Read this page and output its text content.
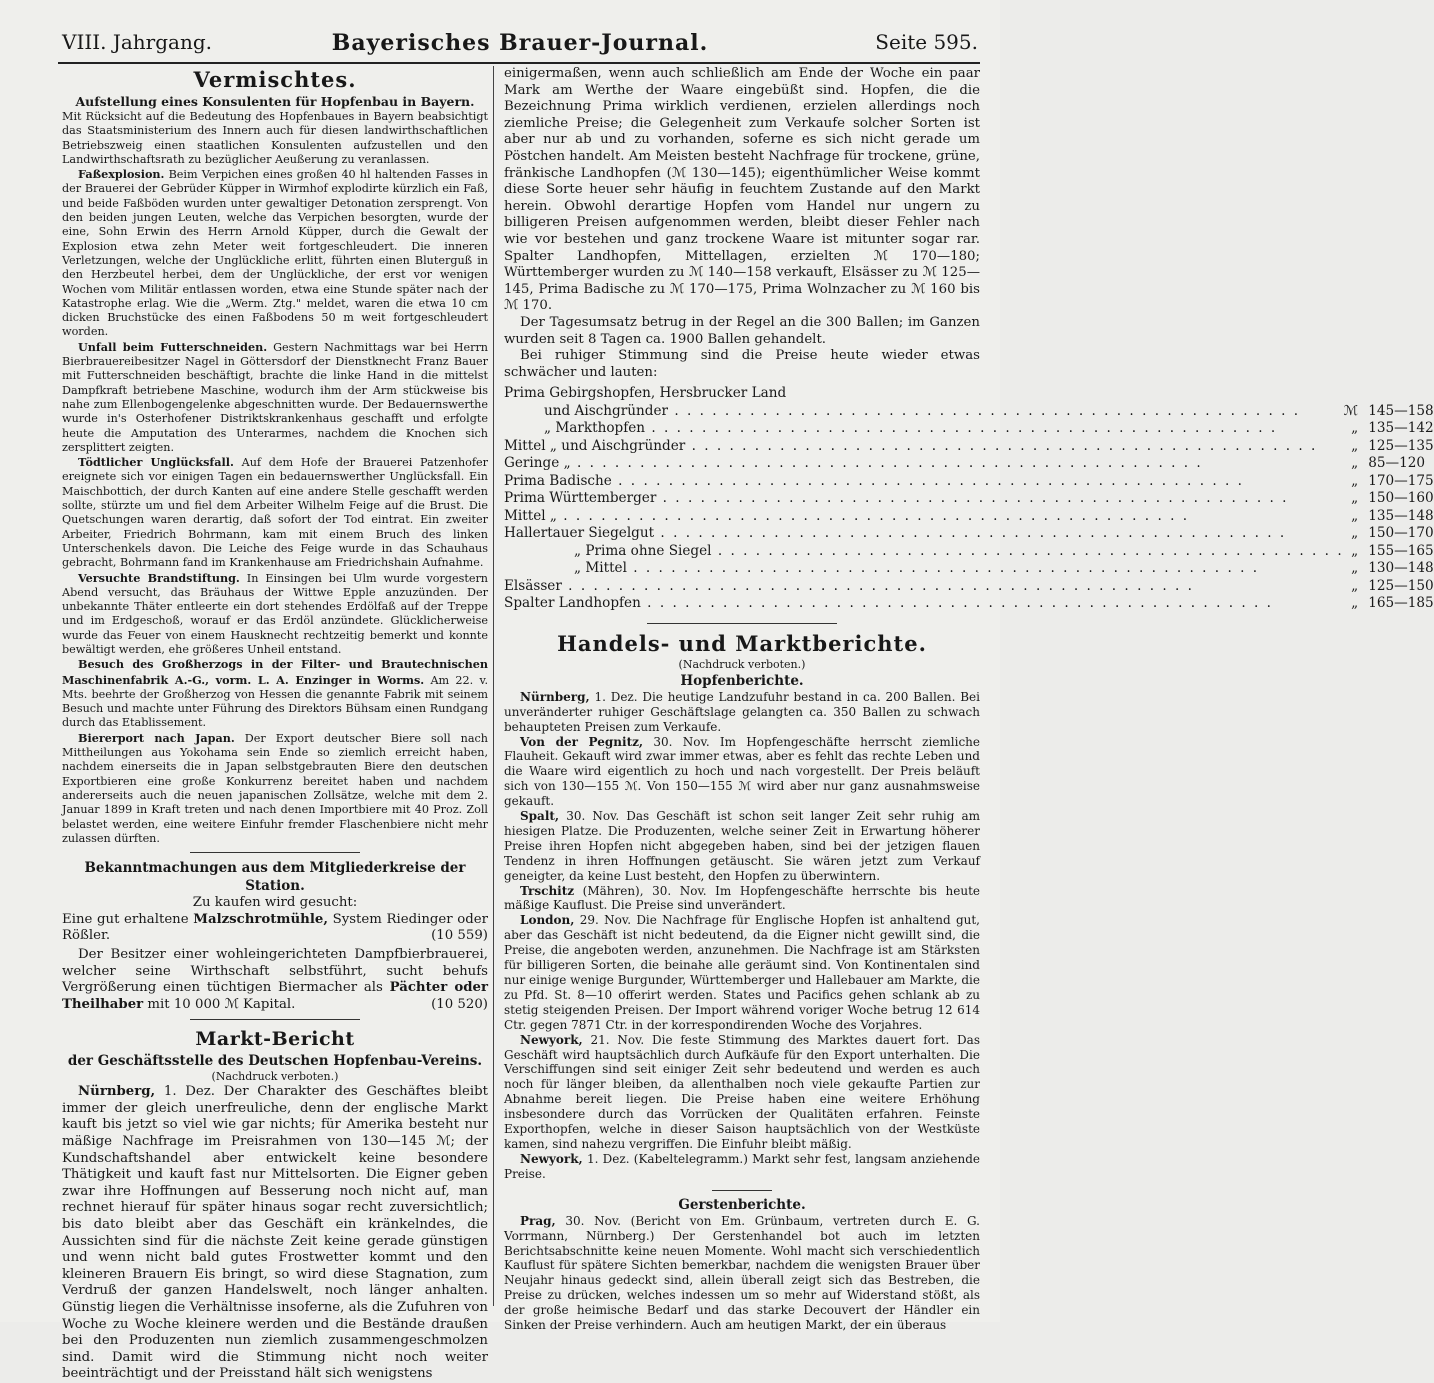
VIII. Jahrgang.	Bayerisches Brauer-Journal.	Seite 595.
Vermischtes.
Aufstellung eines Konsulenten für Hopfenbau in Bayern.

Mit Rücksicht auf die Bedeutung des Hopfenbaues in Bayern beabsichtigt das Staatsministerium des Innern auch für diesen landwirthschaftlichen Betriebszweig einen staatlichen Konsulenten aufzustellen und den Landwirthschaftsrath zu bezüglicher Aeußerung zu veranlassen.

Faßexplosion. Beim Verpichen eines großen 40 hl haltenden Fasses in der Brauerei der Gebrüder Küpper in Wirmhof explodirte kürzlich ein Faß, und beide Faßböden wurden unter gewaltiger Detonation zersprengt. Von den beiden jungen Leuten, welche das Verpichen besorgten, wurde der eine, Sohn Erwin des Herrn Arnold Küpper, durch die Gewalt der Explosion etwa zehn Meter weit fortgeschleudert. Die inneren Verletzungen, welche der Unglückliche erlitt, führten einen Bluterguß in den Herzbeutel herbei, dem der Unglückliche, der erst vor wenigen Wochen vom Militär entlassen worden, etwa eine Stunde später nach der Katastrophe erlag. Wie die „Werm. Ztg." meldet, waren die etwa 10 cm dicken Bruchstücke des einen Faßbodens 50 m weit fortgeschleudert worden.

Unfall beim Futterschneiden. Gestern Nachmittags war bei Herrn Bierbrauereibesitzer Nagel in Göttersdorf der Dienstknecht Franz Bauer mit Futterschneiden beschäftigt, brachte die linke Hand in die mittelst Dampfkraft betriebene Maschine, wodurch ihm der Arm stückweise bis nahe zum Ellenbogengelenke abgeschnitten wurde. Der Bedauernswerthe wurde in's Osterhofener Distriktskrankenhaus geschafft und erfolgte heute die Amputation des Unterarmes, nachdem die Knochen sich zersplittert zeigten.

Tödtlicher Unglücksfall. Auf dem Hofe der Brauerei Patzenhofer ereignete sich vor einigen Tagen ein bedauernswerther Unglücksfall. Ein Maischbottich, der durch Kanten auf eine andere Stelle geschafft werden sollte, stürzte um und fiel dem Arbeiter Wilhelm Feige auf die Brust. Die Quetschungen waren derartig, daß sofort der Tod eintrat. Ein zweiter Arbeiter, Friedrich Bohrmann, kam mit einem Bruch des linken Unterschenkels davon. Die Leiche des Feige wurde in das Schauhaus gebracht, Bohrmann fand im Krankenhause am Friedrichshain Aufnahme.

Versuchte Brandstiftung. In Einsingen bei Ulm wurde vorgestern Abend versucht, das Bräuhaus der Wittwe Epple anzuzünden. Der unbekannte Thäter entleerte ein dort stehendes Erdölfaß auf der Treppe und im Erdgeschoß, worauf er das Erdöl anzündete. Glücklicherweise wurde das Feuer von einem Hausknecht rechtzeitig bemerkt und konnte bewältigt werden, ehe größeres Unheil entstand.

Besuch des Großherzogs in der Filter- und Brautechnischen Maschinenfabrik A.-G., vorm. L. A. Enzinger in Worms. Am 22. v. Mts. beehrte der Großherzog von Hessen die genannte Fabrik mit seinem Besuch und machte unter Führung des Direktors Bühsam einen Rundgang durch das Etablissement.

Biererport nach Japan. Der Export deutscher Biere soll nach Mittheilungen aus Yokohama sein Ende so ziemlich erreicht haben, nachdem einerseits die in Japan selbstgebrauten Biere den deutschen Exportbieren eine große Konkurrenz bereitet haben und nachdem andererseits auch die neuen japanischen Zollsätze, welche mit dem 2. Januar 1899 in Kraft treten und nach denen Importbiere mit 40 Proz. Zoll belastet werden, eine weitere Einfuhr fremder Flaschenbiere nicht mehr zulassen dürften.

Bekanntmachungen aus dem Mitgliederkreise der Station.

Zu kaufen wird gesucht:

Eine gut erhaltene Malzschrotmühle, System Riedinger oder Rößler.	(10 559)

Der Besitzer einer wohleingerichteten Dampfbierbrauerei, welcher seine Wirthschaft selbstführt, sucht behufs Vergrößerung einen tüchtigen Biermacher als Pächter oder Theilhaber mit 10 000 ℳ Kapital.	(10 520)

Markt-Bericht
der Geschäftsstelle des Deutschen Hopfenbau-Vereins.
(Nachdruck verboten.)

Nürnberg, 1. Dez. Der Charakter des Geschäftes bleibt immer der gleich unerfreuliche, denn der englische Markt kauft bis jetzt so viel wie gar nichts; für Amerika besteht nur mäßige Nachfrage im Preisrahmen von 130—145 ℳ; der Kundschaftshandel aber entwickelt keine besondere Thätigkeit und kauft fast nur Mittelsorten. Die Eigner geben zwar ihre Hoffnungen auf Besserung noch nicht auf, man rechnet hierauf für später hinaus sogar recht zuversichtlich; bis dato bleibt aber das Geschäft ein kränkelndes, die Aussichten sind für die nächste Zeit keine gerade günstigen und wenn nicht bald gutes Frostwetter kommt und den kleineren Brauern Eis bringt, so wird diese Stagnation, zum Verdruß der ganzen Handelswelt, noch länger anhalten. Günstig liegen die Verhältnisse insoferne, als die Zufuhren von Woche zu Woche kleinere werden und die Bestände draußen bei den Produzenten nun ziemlich zusammengeschmolzen sind. Damit wird die Stimmung nicht noch weiter beeinträchtigt und der Preisstand hält sich wenigstens

einigermaßen, wenn auch schließlich am Ende der Woche ein paar Mark am Werthe der Waare eingebüßt sind. Hopfen, die die Bezeichnung Prima wirklich verdienen, erzielen allerdings noch ziemliche Preise; die Gelegenheit zum Verkaufe solcher Sorten ist aber nur ab und zu vorhanden, soferne es sich nicht gerade um Pöstchen handelt. Am Meisten besteht Nachfrage für trockene, grüne, fränkische Landhopfen (ℳ 130—145); eigenthümlicher Weise kommt diese Sorte heuer sehr häufig in feuchtem Zustande auf den Markt herein. Obwohl derartige Hopfen vom Handel nur ungern zu billigeren Preisen aufgenommen werden, bleibt dieser Fehler nach wie vor bestehen und ganz trockene Waare ist mitunter sogar rar. Spalter Landhopfen, Mittellagen, erzielten ℳ 170—180; Württemberger wurden zu ℳ 140—158 verkauft, Elsässer zu ℳ 125—145, Prima Badische zu ℳ 170—175, Prima Wolnzacher zu ℳ 160 bis ℳ 170.

Der Tagesumsatz betrug in der Regel an die 300 Ballen; im Ganzen wurden seit 8 Tagen ca. 1900 Ballen gehandelt.

Bei ruhiger Stimmung sind die Preise heute wieder etwas schwächer und lauten:

Prima Gebirgshopfen, Hersbrucker Land		
und Aischgründer . . .	ℳ	145—158
„ Markthopfen . . .	„	135—142
Mittel „ und Aischgründer . . .	„	125—135
Geringe „ . . .	„	85—120
Prima Badische . . .	„	170—175
Prima Württemberger . . .	„	150—160
Mittel „ . . .	„	135—148
Hallertauer Siegelgut . . .	„	150—170
„ Prima ohne Siegel . . .	„	155—165
„ Mittel . . .	„	130—148
Elsässer . . .	„	125—150
Spalter Landhopfen . . .	„	165—185
Handels- und Marktberichte.
(Nachdruck verboten.)
Hopfenberichte.

Nürnberg, 1. Dez. Die heutige Landzufuhr bestand in ca. 200 Ballen. Bei unveränderter ruhiger Geschäftslage gelangten ca. 350 Ballen zu schwach behaupteten Preisen zum Verkaufe.

Von der Pegnitz, 30. Nov. Im Hopfengeschäfte herrscht ziemliche Flauheit. Gekauft wird zwar immer etwas, aber es fehlt das rechte Leben und die Waare wird eigentlich zu hoch und nach vorgestellt. Der Preis beläuft sich von 130—155 ℳ. Von 150—155 ℳ wird aber nur ganz ausnahmsweise gekauft.

Spalt, 30. Nov. Das Geschäft ist schon seit langer Zeit sehr ruhig am hiesigen Platze. Die Produzenten, welche seiner Zeit in Erwartung höherer Preise ihren Hopfen nicht abgegeben haben, sind bei der jetzigen flauen Tendenz in ihren Hoffnungen getäuscht. Sie wären jetzt zum Verkauf geneigter, da keine Lust besteht, den Hopfen zu überwintern.

Trschitz (Mähren), 30. Nov. Im Hopfengeschäfte herrschte bis heute mäßige Kauflust. Die Preise sind unverändert.

London, 29. Nov. Die Nachfrage für Englische Hopfen ist anhaltend gut, aber das Geschäft ist nicht bedeutend, da die Eigner nicht gewillt sind, die Preise, die angeboten werden, anzunehmen. Die Nachfrage ist am Stärksten für billigeren Sorten, die beinahe alle geräumt sind. Von Kontinentalen sind nur einige wenige Burgunder, Württemberger und Hallebauer am Markte, die zu Pfd. St. 8—10 offerirt werden. States und Pacifics gehen schlank ab zu stetig steigenden Preisen. Der Import während voriger Woche betrug 12 614 Ctr. gegen 7871 Ctr. in der korrespondirenden Woche des Vorjahres.

Newyork, 21. Nov. Die feste Stimmung des Marktes dauert fort. Das Geschäft wird hauptsächlich durch Aufkäufe für den Export unterhalten. Die Verschiffungen sind seit einiger Zeit sehr bedeutend und werden es auch noch für länger bleiben, da allenthalben noch viele gekaufte Partien zur Abnahme bereit liegen. Die Preise haben eine weitere Erhöhung insbesondere durch das Vorrücken der Qualitäten erfahren. Feinste Exporthopfen, welche in dieser Saison hauptsächlich von der Westküste kamen, sind nahezu vergriffen. Die Einfuhr bleibt mäßig.

Newyork, 1. Dez. (Kabeltelegramm.) Markt sehr fest, langsam anziehende Preise.

Gerstenberichte.

Prag, 30. Nov. (Bericht von Em. Grünbaum, vertreten durch E. G. Vorrmann, Nürnberg.) Der Gerstenhandel bot auch im letzten Berichtsabschnitte keine neuen Momente. Wohl macht sich verschiedentlich Kauflust für spätere Sichten bemerkbar, nachdem die wenigsten Brauer über Neujahr hinaus gedeckt sind, allein überall zeigt sich das Bestreben, die Preise zu drücken, welches indessen um so mehr auf Widerstand stößt, als der große heimische Bedarf und das starke Decouvert der Händler ein Sinken der Preise verhindern. Auch am heutigen Markt, der ein überaus
